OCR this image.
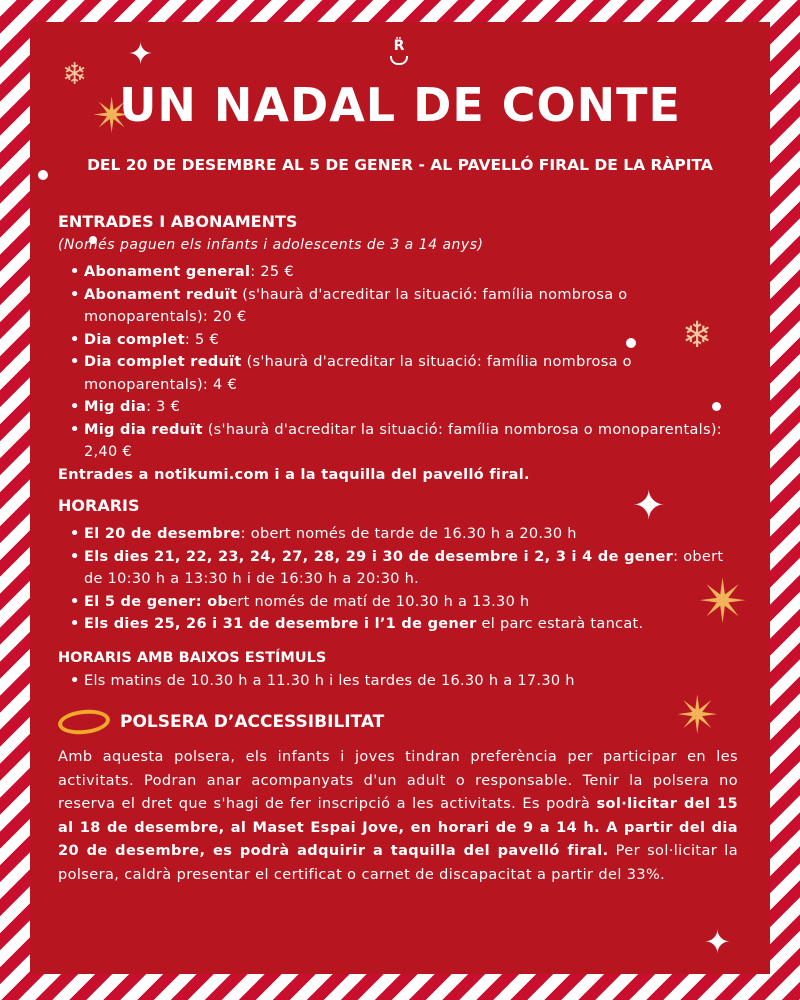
❄
✦
✴
❄
✦
✴
✴
✦
R̈
UN NADAL DE CONTE
DEL 20 DE DESEMBRE AL 5 DE GENER - AL PAVELLÓ FIRAL DE LA RÀPITA
ENTRADES I ABONAMENTS
(Només paguen els infants i adolescents de 3 a 14 anys)
• Abonament general: 25 €
• Abonament reduït (s'haurà d'acreditar la situació: família nombrosa o monoparentals): 20 €
• Dia complet: 5 €
• Dia complet reduït (s'haurà d'acreditar la situació: família nombrosa o monoparentals): 4 €
• Mig dia: 3 €
• Mig dia reduït (s'haurà d'acreditar la situació: família nombrosa o monoparentals): 2,40 €
Entrades a notikumi.com i a la taquilla del pavelló firal.
HORARIS
• El 20 de desembre: obert només de tarde de 16.30 h a 20.30 h
• Els dies 21, 22, 23, 24, 27, 28, 29 i 30 de desembre i 2, 3 i 4 de gener: obert de 10:30 h a 13:30 h i de 16:30 h a 20:30 h.
• El 5 de gener: obert només de matí de 10.30 h a 13.30 h
• Els dies 25, 26 i 31 de desembre i l’1 de gener el parc estarà tancat.
HORARIS AMB BAIXOS ESTÍMULS
• Els matins de 10.30 h a 11.30 h i les tardes de 16.30 h a 17.30 h
POLSERA D’ACCESSIBILITAT
Amb aquesta polsera, els infants i joves tindran preferència per participar en les activitats. Podran anar acompanyats d'un adult o responsable. Tenir la polsera no reserva el dret que s'hagi de fer inscripció a les activitats. Es podrà sol·licitar del 15 al 18 de desembre, al Maset Espai Jove, en horari de 9 a 14 h. A partir del dia 20 de desembre, es podrà adquirir a taquilla del pavelló firal. Per sol·licitar la polsera, caldrà presentar el certificat o carnet de discapacitat a partir del 33%.
